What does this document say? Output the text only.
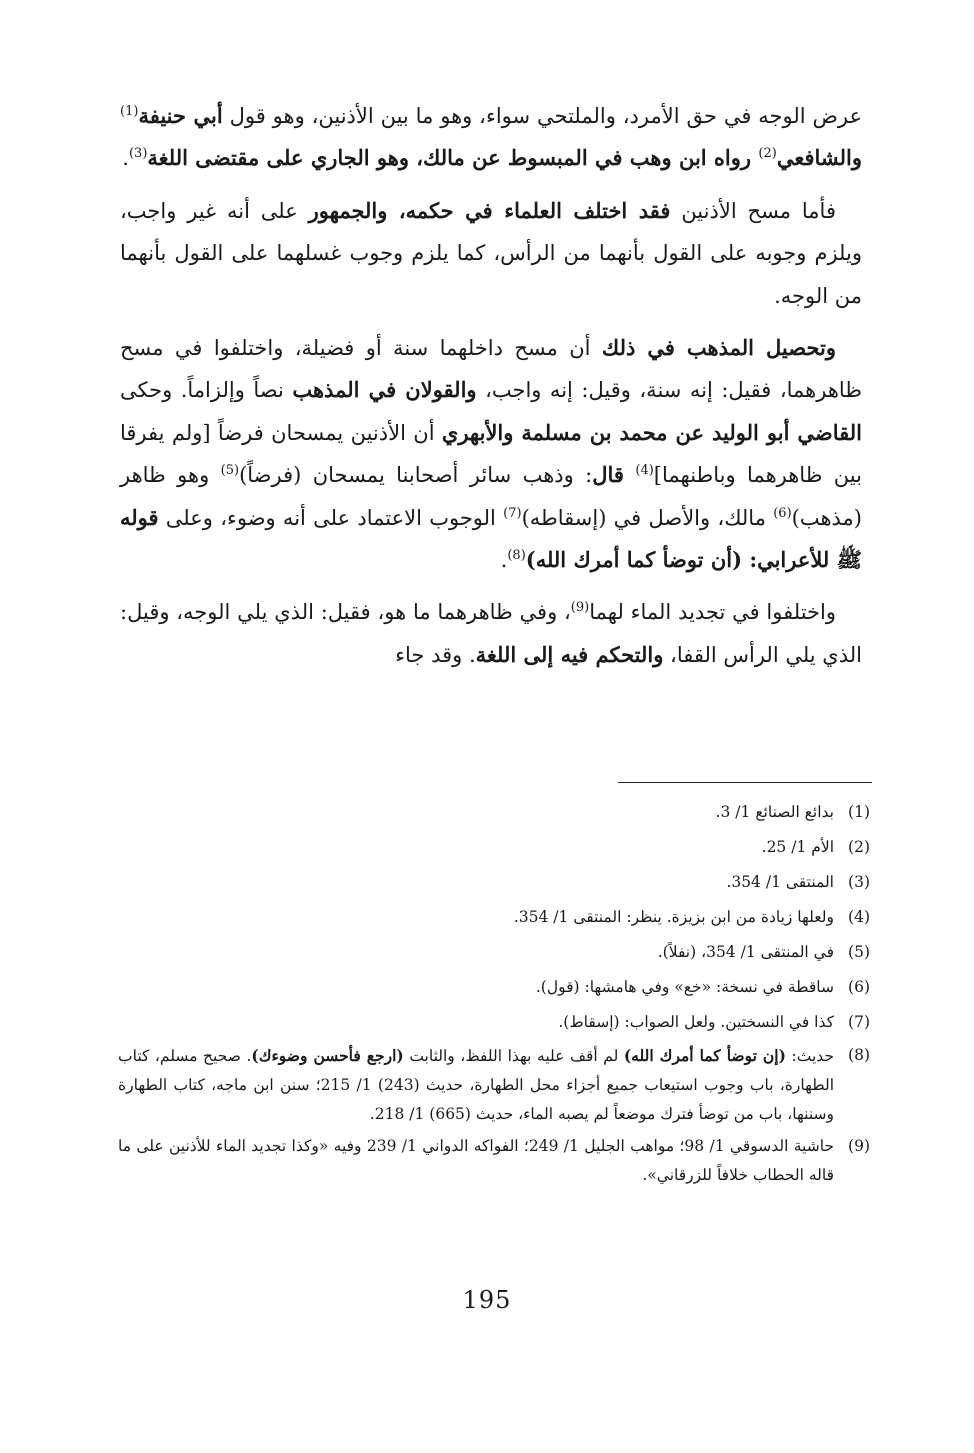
عرض الوجه في حق الأمرد، والملتحي سواء، وهو ما بين الأذنين، وهو قول أبي حنيفة$^{(1)}$ والشافعي$^{(2)}$ رواه ابن وهب في المبسوط عن مالك، وهو الجاري على مقتضى اللغة$^{(3)}$.

فأما مسح الأذنين فقد اختلف العلماء في حكمه، والجمهور على أنه غير واجب، ويلزم وجوبه على القول بأنهما من الرأس، كما يلزم وجوب غسلهما على القول بأنهما من الوجه.

وتحصيل المذهب في ذلك أن مسح داخلهما سنة أو فضيلة، واختلفوا في مسح ظاهرهما، فقيل: إنه سنة، وقيل: إنه واجب، والقولان في المذهب نصاً وإلزاماً. وحكى القاضي أبو الوليد عن محمد بن مسلمة والأبهري أن الأذنين يمسحان فرضاً [ولم يفرقا بين ظاهرهما وباطنهما]$^{(4)}$ قال: وذهب سائر أصحابنا يمسحان (فرضاً)$^{(5)}$ وهو ظاهر (مذهب)$^{(6)}$ مالك، والأصل في (إسقاطه)$^{(7)}$ الوجوب الاعتماد على أنه وضوء، وعلى قوله ﷺ للأعرابي: (أن توضأ كما أمرك الله)$^{(8)}$.

واختلفوا في تجديد الماء لهما$^{(9)}$، وفي ظاهرهما ما هو، فقيل: الذي يلي الوجه، وقيل: الذي يلي الرأس القفا، والتحكم فيه إلى اللغة. وقد جاء

(1)
بدائع الصنائع 1/ 3.
(2)
الأم 1/ 25.
(3)
المنتقى 1/ 354.
(4)
ولعلها زيادة من ابن بزيزة. ينظر: المنتقى 1/ 354.
(5)
في المنتقى 1/ 354، (نفلاً).
(6)
ساقطة في نسخة: «خع» وفي هامشها: (قول).
(7)
كذا في النسختين. ولعل الصواب: (إسقاط).
(8)
حديث: (إن توضأ كما أمرك الله) لم أقف عليه بهذا اللفظ، والثابت (ارجع فأحسن وضوءك). صحيح مسلم، كتاب الطهارة، باب وجوب استيعاب جميع أجزاء محل الطهارة، حديث (243) 1/ 215؛ سنن ابن ماجه، كتاب الطهارة وسننها، باب من توضأ فترك موضعاً لم يصبه الماء، حديث (665) 1/ 218.
(9)
حاشية الدسوقي 1/ 98؛ مواهب الجليل 1/ 249؛ الفواكه الدواني 1/ 239 وفيه «وكذا تجديد الماء للأذنين على ما قاله الحطاب خلافاً للزرقاني».
195
